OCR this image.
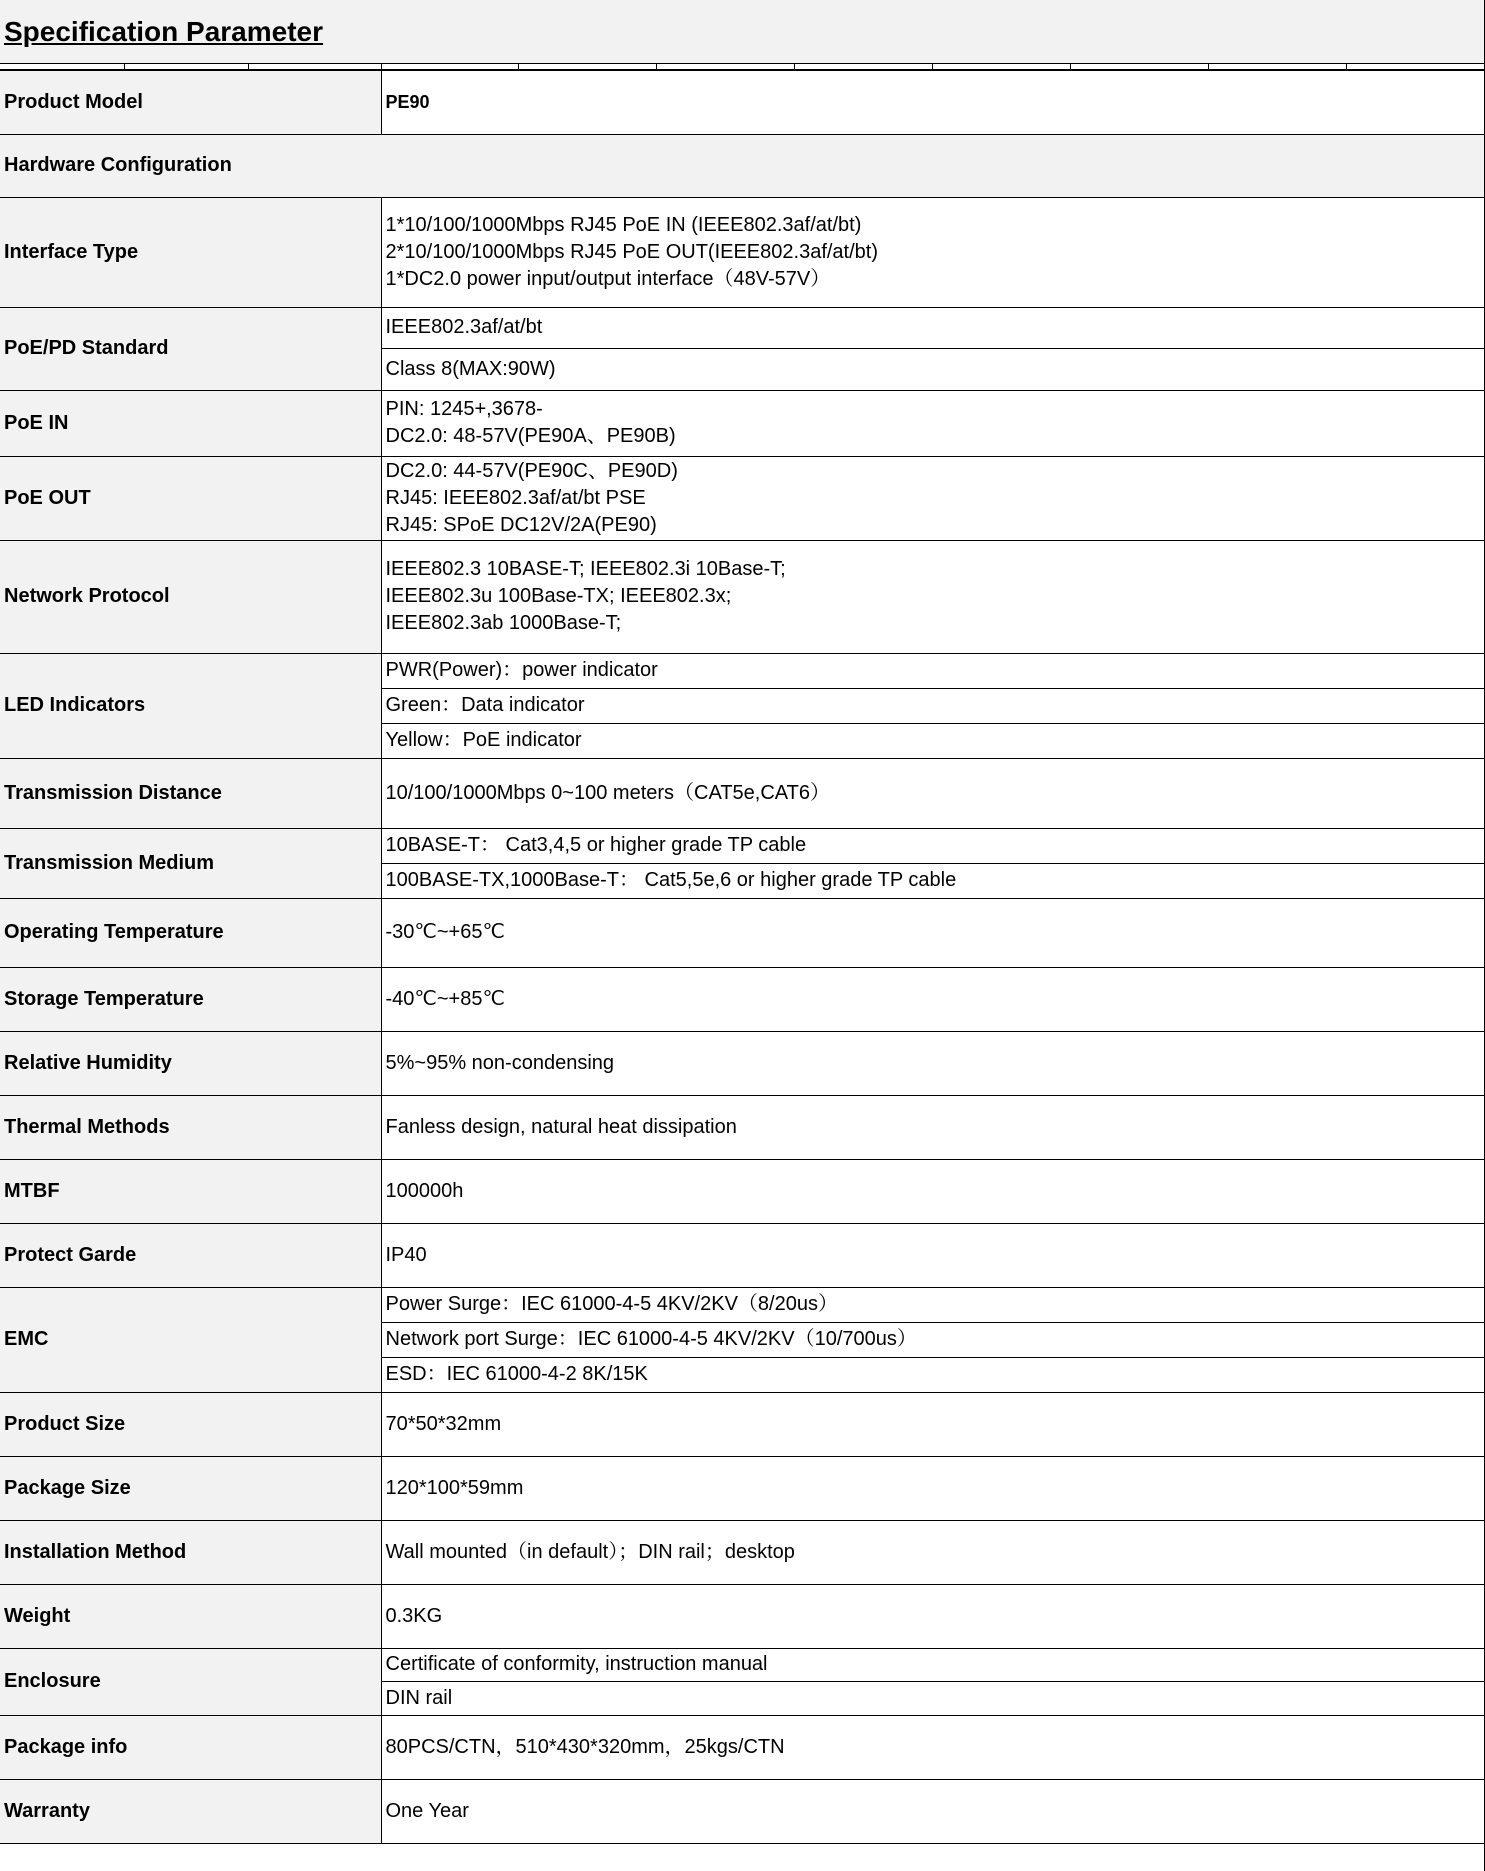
Specification Parameter
Product Model	PE90
Hardware Configuration	
Interface Type	1*10/100/1000Mbps RJ45 PoE IN (IEEE802.3af/at/bt)
2*10/100/1000Mbps RJ45 PoE OUT(IEEE802.3af/at/bt)
1*DC2.0 power input/output interface（48V-57V）

PoE/PD Standard	IEEE802.3af/at/bt
	Class 8(MAX:90W)
PoE IN	PIN: 1245+,3678-
DC2.0: 48-57V(PE90A、PE90B)

PoE OUT	DC2.0: 44-57V(PE90C、PE90D)
RJ45: IEEE802.3af/at/bt PSE
RJ45: SPoE DC12V/2A(PE90)

Network Protocol	IEEE802.3 10BASE-T; IEEE802.3i 10Base-T;
IEEE802.3u 100Base-TX; IEEE802.3x;
IEEE802.3ab 1000Base-T;

LED Indicators	PWR(Power)：power indicator
	Green：Data indicator
	Yellow：PoE indicator
Transmission Distance	10/100/1000Mbps 0~100 meters（CAT5e,CAT6）

Transmission Medium	10BASE-T： Cat3,4,5 or higher grade TP cable
	100BASE-TX,1000Base-T： Cat5,5e,6 or higher grade TP cable
Operating Temperature	-30℃~+65℃

Storage Temperature	-40℃~+85℃

Relative Humidity	5%~95% non-condensing

Thermal Methods	Fanless design, natural heat dissipation

MTBF	100000h

Protect Garde	IP40

EMC	Power Surge：IEC 61000-4-5 4KV/2KV（8/20us）
	Network port Surge：IEC 61000-4-5 4KV/2KV（10/700us）
	ESD：IEC 61000-4-2 8K/15K
Product Size	70*50*32mm

Package Size	120*100*59mm

Installation Method	Wall mounted（in default）；DIN rail；desktop

Weight	0.3KG

Enclosure	Certificate of conformity, instruction manual
	DIN rail
Package info	80PCS/CTN，510*430*320mm，25kgs/CTN

Warranty	One Year
